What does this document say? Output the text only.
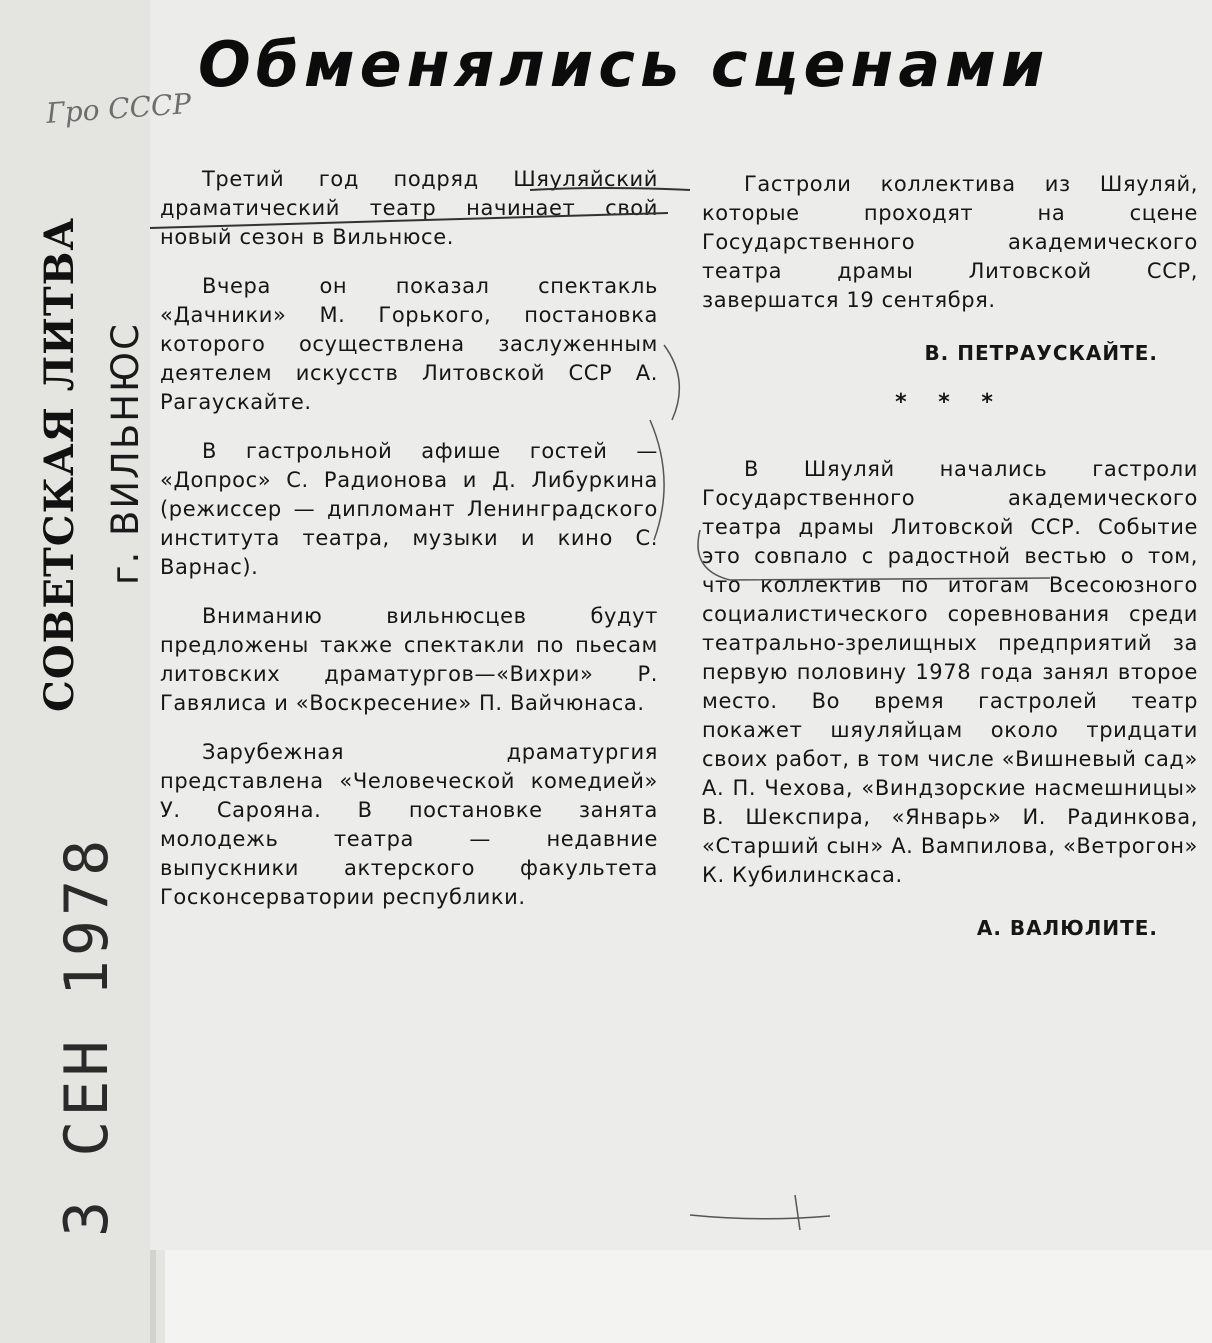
СОВЕТСКАЯ ЛИТВА г. ВИЛЬНЮС
3 СЕН 1978
Гро СССР
Обменялись сценами

Третий год подряд Шяуляйский драматический театр начинает свой новый сезон в Вильнюсе.

Вчера он показал спектакль «Дачники» М. Горького, постановка которого осуществлена заслуженным деятелем искусств Литовской ССР А. Рагаускайте.

В гастрольной афише гостей — «Допрос» С. Радионова и Д. Либуркина (режиссер — дипломант Ленинградского института театра, музыки и кино С. Варнас).

Вниманию вильнюсцев будут предложены также спектакли по пьесам литовских драматургов—«Вихри» Р. Гавялиса и «Воскресение» П. Вайчюнаса.

Зарубежная драматургия представлена «Человеческой комедией» У. Сарояна. В постановке занята молодежь театра — недавние выпускники актерского факультета Госконсерватории республики.

Гастроли коллектива из Шяуляй, которые проходят на сцене Государственного академического театра драмы Литовской ССР, завершатся 19 сентября.

В. ПЕТРАУСКАЙТЕ.
* * *

В Шяуляй начались гастроли Государственного академического театра драмы Литовской ССР. Событие это совпало с радостной вестью о том, что коллектив по итогам Всесоюзного социалистического соревнования среди театрально-зрелищных предприятий за первую половину 1978 года занял второе место. Во время гастролей театр покажет шяуляйцам около тридцати своих работ, в том числе «Вишневый сад» А. П. Чехова, «Виндзорские насмешницы» В. Шекспира, «Январь» И. Радинкова, «Старший сын» А. Вампилова, «Ветрогон» К. Кубилинскаса.

А. ВАЛЮЛИТЕ.
